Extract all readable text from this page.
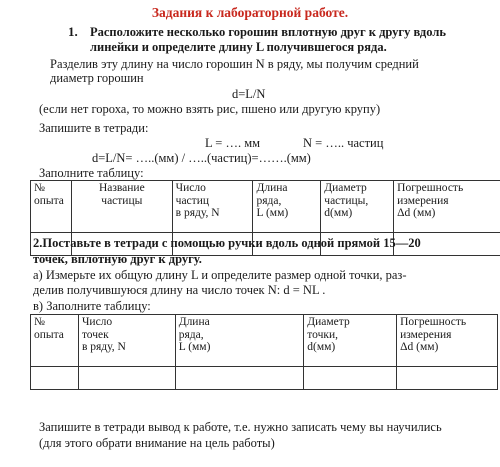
Задания к лабораторной работе.
1. Расположите несколько горошин вплотную друг к другу вдоль
линейки и определите длину L получившегося ряда.
Разделив эту длину на число горошин N в ряду, мы получим средний
диаметр горошин
d=L/N
(если нет гороха, то можно взять рис, пшено или другую крупу)
Запишите в тетради:
L = …. мм	N = ….. частиц
d=L/N= …..(мм) / …..(частиц)=…….(мм)
Заполните таблицу:
№
опыта	Название
частицы	Число
частиц
в ряду, N	Длина
ряда,
L (мм)	Диаметр
частицы,
d(мм)	Погрешность
измерения
Δd (мм)

2.Поставьте в тетради с помощью ручки вдоль одной прямой 15—20
точек, вплотную друг к другу.
а) Измерьте их общую длину L и определите размер одной точки, раз-
делив получившуюся длину на число точек N: d = NL .
в) Заполните таблицу:
№
опыта	Число
точек
в ряду, N	Длина
ряда,
L (мм)	Диаметр
точки,
d(мм)	Погрешность
измерения
Δd (мм)

Запишите в тетради вывод к работе, т.е. нужно записать чему вы научились
(для этого обрати внимание на цель работы)
